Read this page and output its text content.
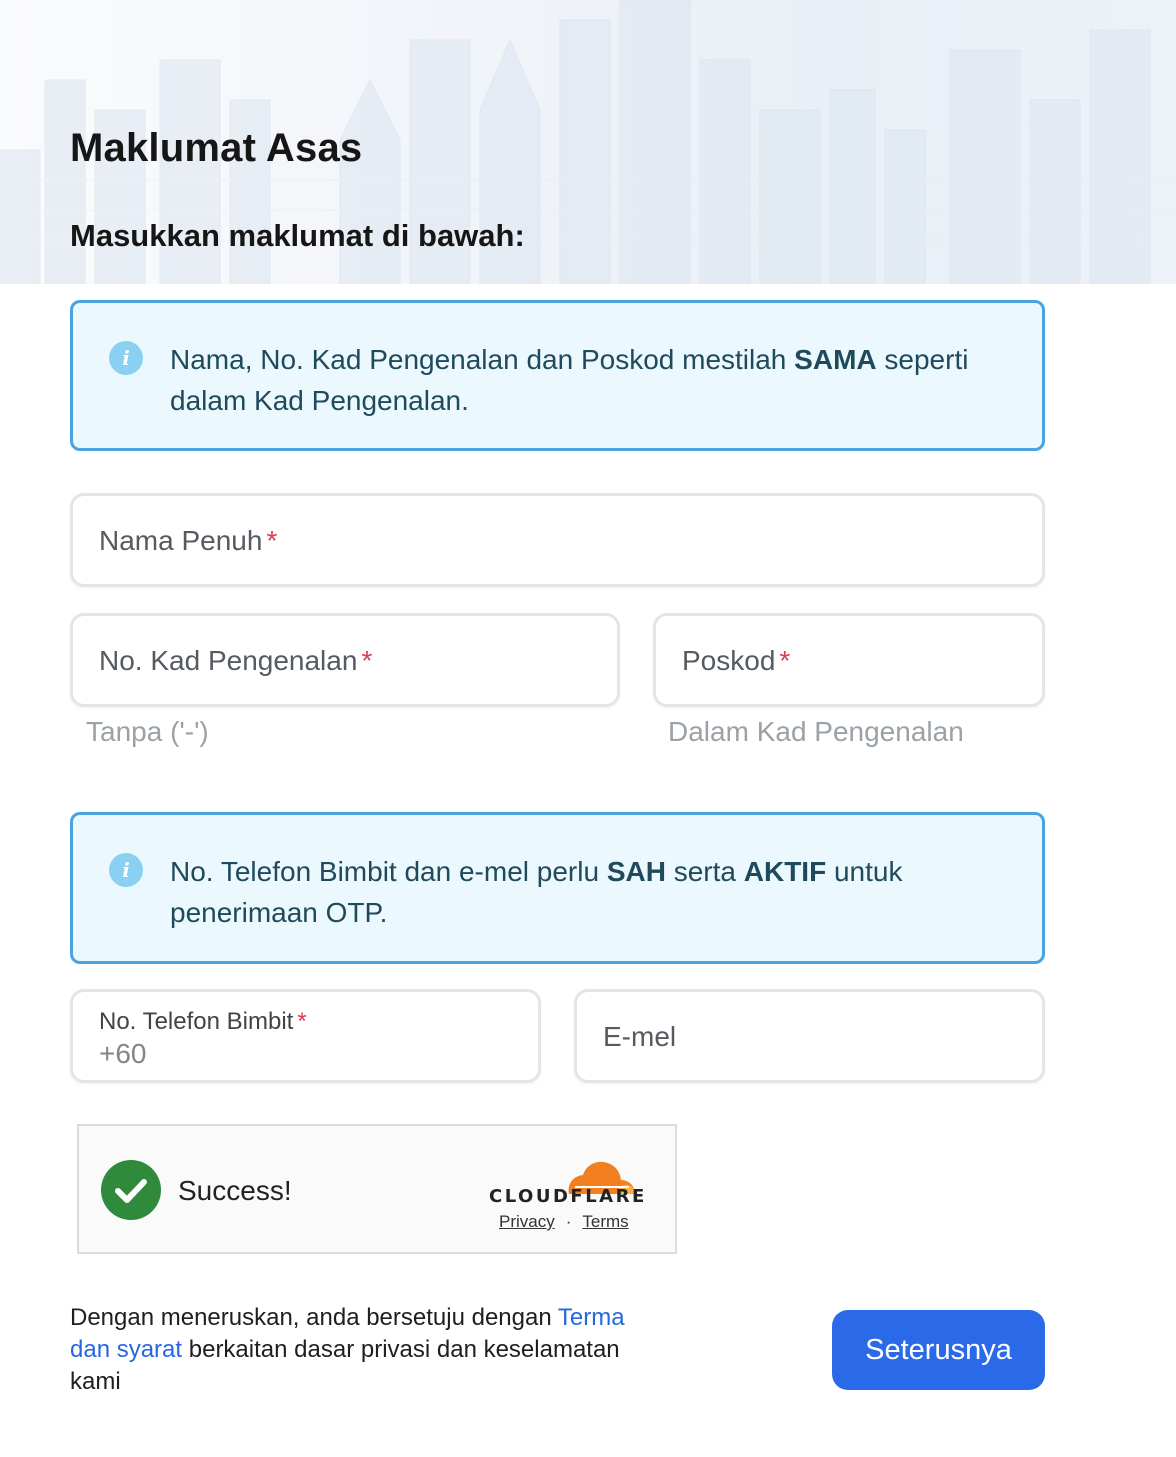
Maklumat Asas
Masukkan maklumat di bawah:
i	Nama, No. Kad Pengenalan dan Poskod mestilah SAMA seperti dalam Kad Pengenalan.
Nama Penuh *
No. Kad Pengenalan *
Tanpa ('-')
Poskod *
Dalam Kad Pengenalan
i	No. Telefon Bimbit dan e-mel perlu SAH serta AKTIF untuk penerimaan OTP.
No. Telefon Bimbit *
+60
E-mel
Success!	CLOUDFLARE
Privacy · Terms
Dengan meneruskan, anda bersetuju dengan Terma dan syarat berkaitan dasar privasi dan keselamatan kami
Seterusnya
